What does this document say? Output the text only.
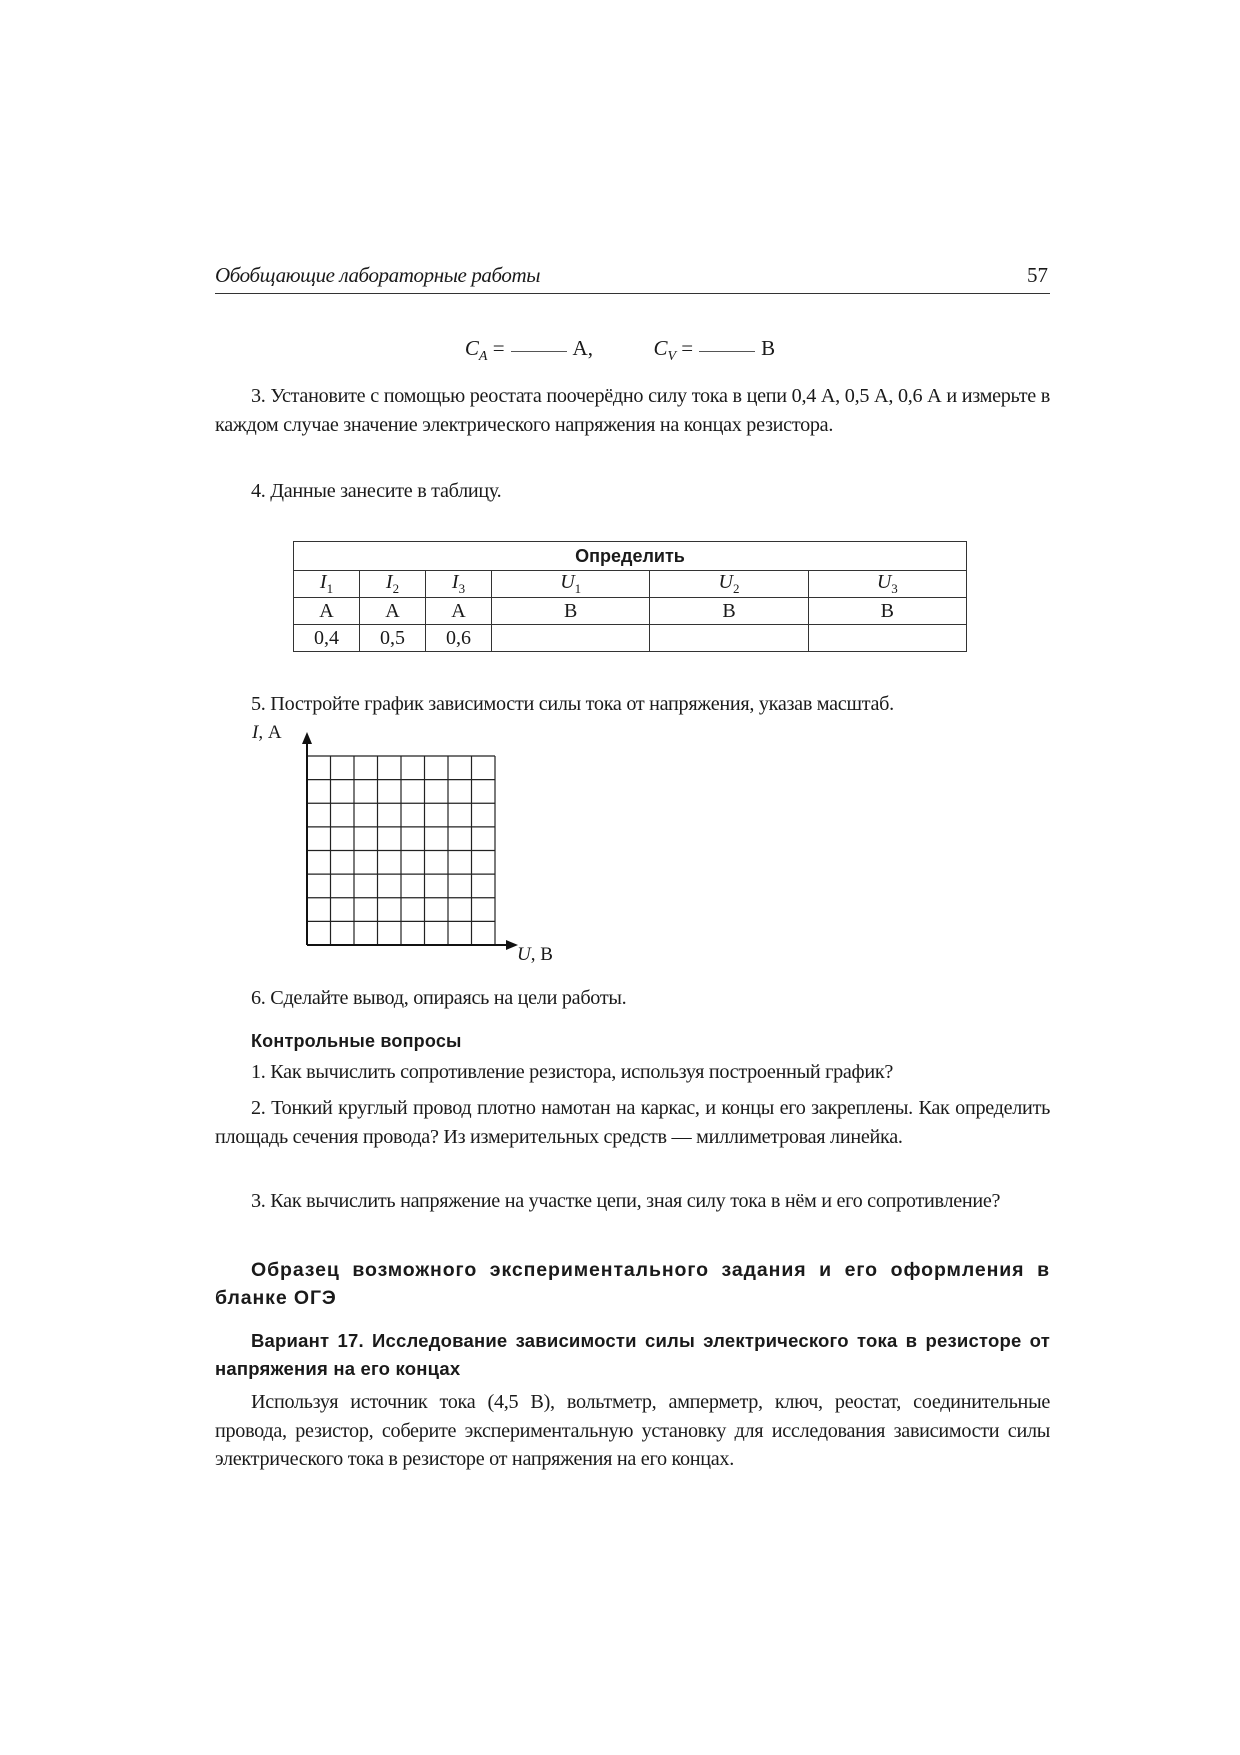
Обобщающие лабораторные работы	57
$C_A$ =	А,	$C_V$ =	В
3. Установите с помощью реостата поочерёдно силу тока в цепи 0,4 А, 0,5 А, 0,6 А и измерьте в каждом случае значение электрического напряжения на концах резистора.
4. Данные занесите в таблицу.
Определить					
$I_1$	$I_2$	$I_3$	$U_1$	$U_2$	$U_3$
А	А	А	В	В	В
0,4	0,5	0,6			
5. Постройте график зависимости силы тока от напряжения, указав масштаб.
I, А
U, В
6. Сделайте вывод, опираясь на цели работы.
Контрольные вопросы
1. Как вычислить сопротивление резистора, используя построенный график?
2. Тонкий круглый провод плотно намотан на каркас, и концы его закреплены. Как определить площадь сечения провода? Из измерительных средств — миллиметровая линейка.
3. Как вычислить напряжение на участке цепи, зная силу тока в нём и его сопротивление?
Образец возможного экспериментального задания и его оформления в бланке ОГЭ
Вариант 17. Исследование зависимости силы электрического тока в резисторе от напряжения на его концах
Используя источник тока (4,5 В), вольтметр, амперметр, ключ, реостат, соединительные провода, резистор, соберите экспериментальную установку для исследования зависимости силы электрического тока в резисторе от напряжения на его концах.
